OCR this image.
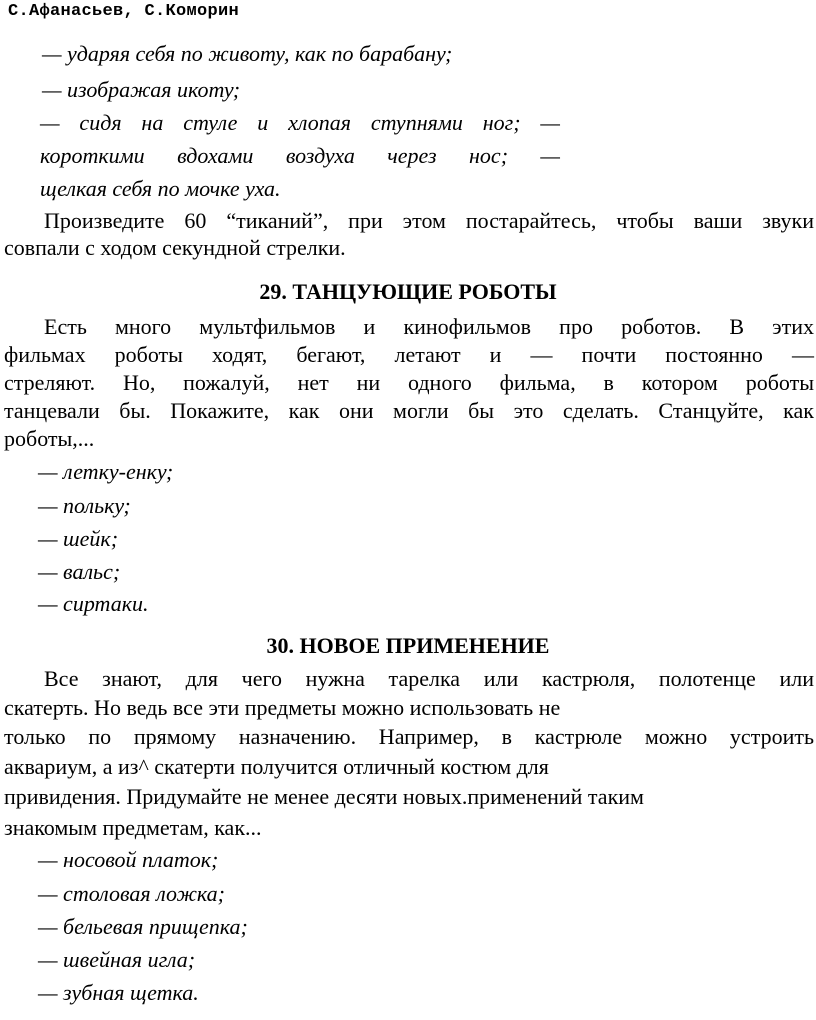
С.Афанасьев, С.Коморин
— ударяя себя по животу, как по барабану;
— изображая икоту;
— сидя на стуле и хлопая ступнями ног; —
короткими вдохами воздуха через нос; —
щелкая себя по мочке уха.
Произведите 60 “тиканий”, при этом постарайтесь, чтобы ваши звуки
совпали с ходом секундной стрелки.
29. ТАНЦУЮЩИЕ РОБОТЫ
Есть много мультфильмов и кинофильмов про роботов. В этих
фильмах роботы ходят, бегают, летают и — почти постоянно —
стреляют. Но, пожалуй, нет ни одного фильма, в котором роботы
танцевали бы. Покажите, как они могли бы это сделать. Станцуйте, как
роботы,...
— летку-енку;
— польку;
— шейк;
— вальс;
— сиртаки.
30. НОВОЕ ПРИМЕНЕНИЕ
Все знают, для чего нужна тарелка или кастрюля, полотенце или
скатерть. Но ведь все эти предметы можно использовать не
только по прямому назначению. Например, в кастрюле можно устроить
аквариум, а из^ скатерти получится отличный костюм для
привидения. Придумайте не менее десяти новых.применений таким
знакомым предметам, как...
— носовой платок;
— столовая ложка;
— бельевая прищепка;
— швейная игла;
— зубная щетка.
